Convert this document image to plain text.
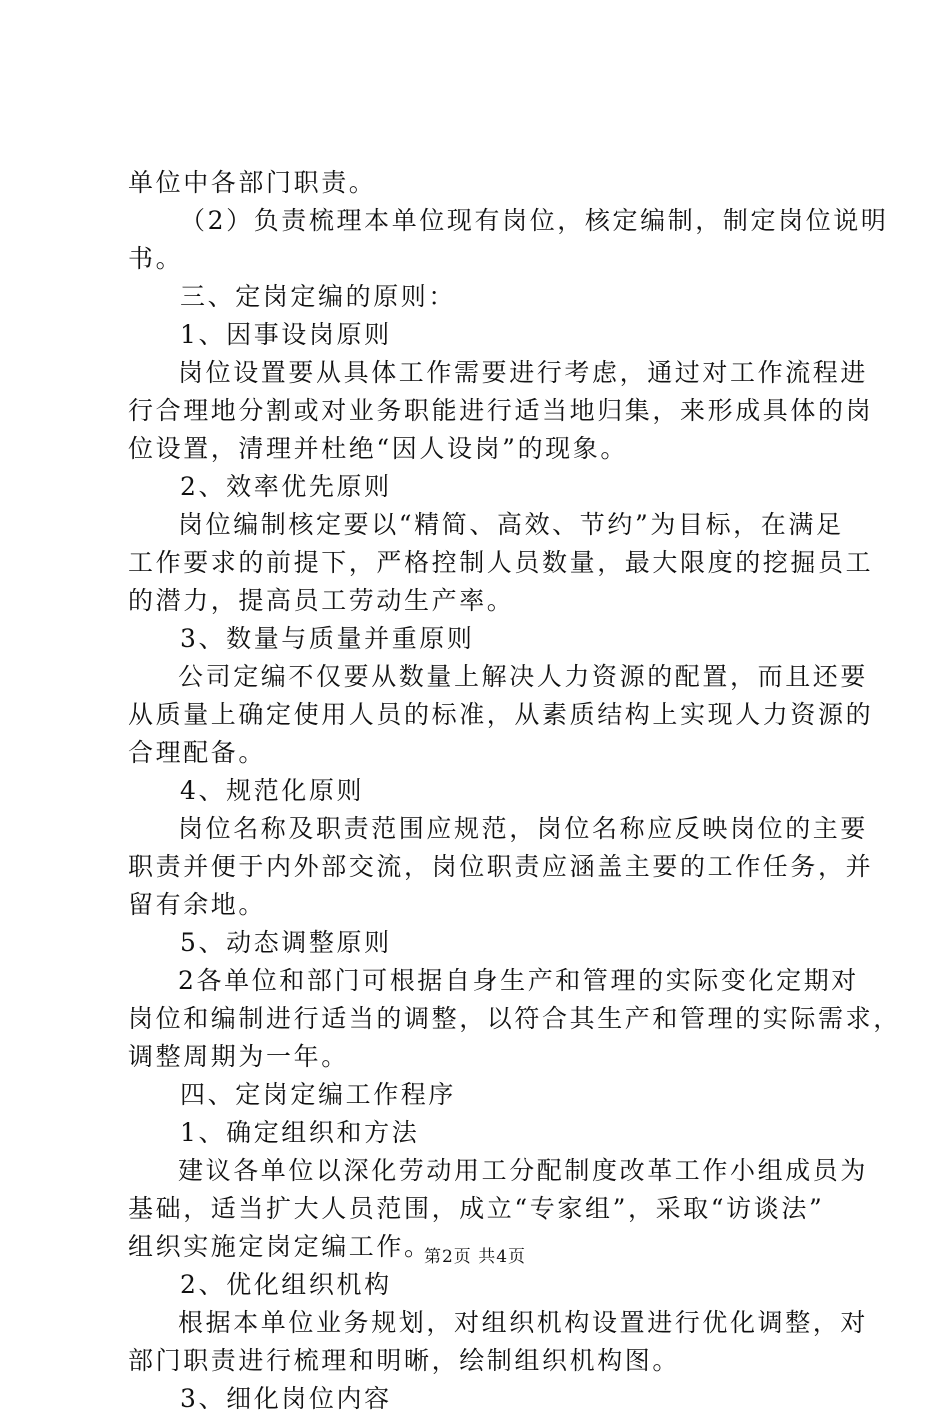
单位中各部门职责。
（2）负责梳理本单位现有岗位，核定编制，制定岗位说明
书。
三、定岗定编的原则：
1、因事设岗原则
岗位设置要从具体工作需要进行考虑，通过对工作流程进
行合理地分割或对业务职能进行适当地归集，来形成具体的岗
位设置，清理并杜绝“因人设岗”的现象。
2、效率优先原则
岗位编制核定要以“精简、高效、节约”为目标，在满足
工作要求的前提下，严格控制人员数量，最大限度的挖掘员工
的潜力，提高员工劳动生产率。
3、数量与质量并重原则
公司定编不仅要从数量上解决人力资源的配置，而且还要
从质量上确定使用人员的标准，从素质结构上实现人力资源的
合理配备。
4、规范化原则
岗位名称及职责范围应规范，岗位名称应反映岗位的主要
职责并便于内外部交流，岗位职责应涵盖主要的工作任务，并
留有余地。
5、动态调整原则
2各单位和部门可根据自身生产和管理的实际变化定期对
岗位和编制进行适当的调整，以符合其生产和管理的实际需求，
调整周期为一年。
四、定岗定编工作程序
1、确定组织和方法
建议各单位以深化劳动用工分配制度改革工作小组成员为
基础，适当扩大人员范围，成立“专家组”，采取“访谈法”
组织实施定岗定编工作。
2、优化组织机构
根据本单位业务规划，对组织机构设置进行优化调整，对
部门职责进行梳理和明晰，绘制组织机构图。
3、细化岗位内容
第2页 共4页
